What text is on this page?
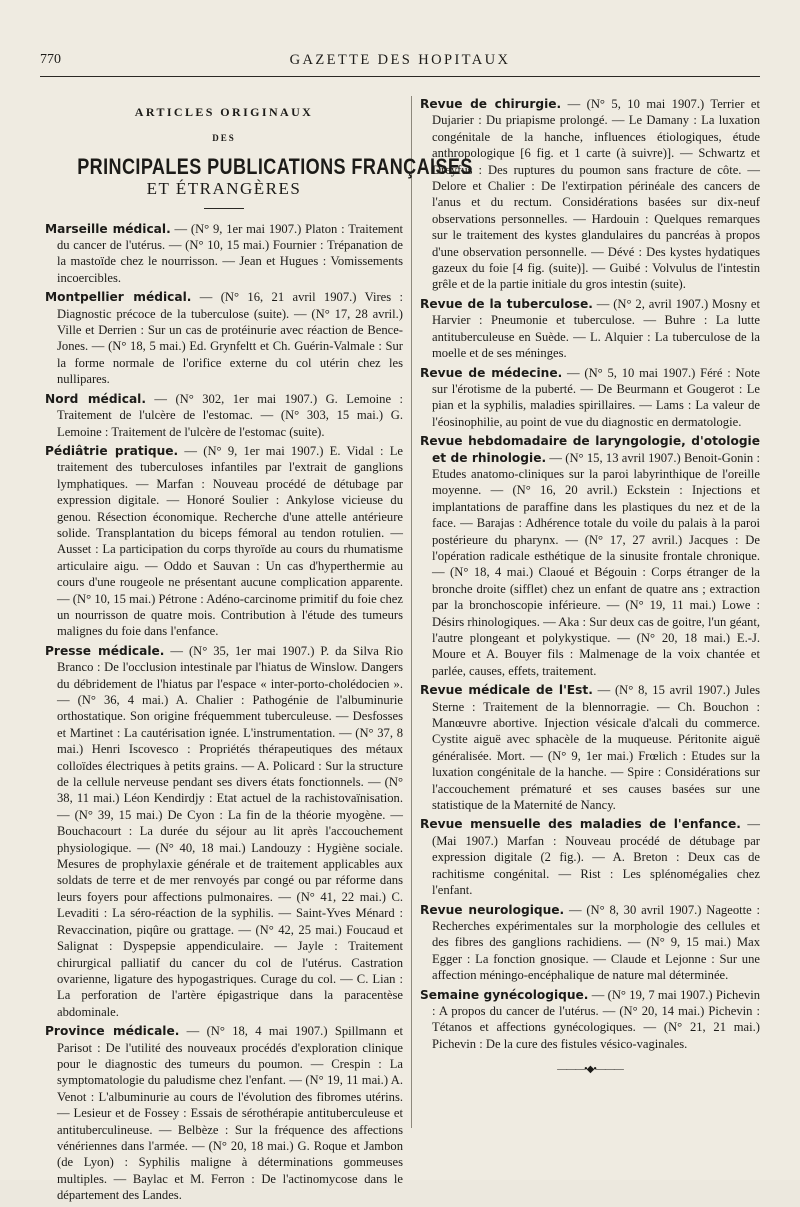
770	GAZETTE DES HOPITAUX
ARTICLES ORIGINAUX
DES
PRINCIPALES PUBLICATIONS FRANÇAISES
ET ÉTRANGÈRES

Marseille médical. — (N° 9, 1er mai 1907.) Platon : Traitement du cancer de l'utérus. — (N° 10, 15 mai.) Fournier : Trépanation de la mastoïde chez le nourrisson. — Jean et Hugues : Vomissements incoercibles.

Montpellier médical. — (N° 16, 21 avril 1907.) Vires : Diagnostic précoce de la tuberculose (suite). — (N° 17, 28 avril.) Ville et Derrien : Sur un cas de protéinurie avec réaction de Bence-Jones. — (N° 18, 5 mai.) Ed. Grynfeltt et Ch. Guérin-Valmale : Sur la forme normale de l'orifice externe du col utérin chez les nullipares.

Nord médical. — (N° 302, 1er mai 1907.) G. Lemoine : Traitement de l'ulcère de l'estomac. — (N° 303, 15 mai.) G. Lemoine : Traitement de l'ulcère de l'estomac (suite).

Pédiâtrie pratique. — (N° 9, 1er mai 1907.) E. Vidal : Le traitement des tuberculoses infantiles par l'extrait de ganglions lymphatiques. — Marfan : Nouveau procédé de détubage par expression digitale. — Honoré Soulier : Ankylose vicieuse du genou. Résection économique. Recherche d'une attelle antérieure solide. Transplantation du biceps fémoral au tendon rotulien. — Ausset : La participation du corps thyroïde au cours du rhumatisme articulaire aigu. — Oddo et Sauvan : Un cas d'hyperthermie au cours d'une rougeole ne présentant aucune complication apparente. — (N° 10, 15 mai.) Pétrone : Adéno-carcinome primitif du foie chez un nourrisson de quatre mois. Contribution à l'étude des tumeurs malignes du foie dans l'enfance.

Presse médicale. — (N° 35, 1er mai 1907.) P. da Silva Rio Branco : De l'occlusion intestinale par l'hiatus de Winslow. Dangers du débridement de l'hiatus par l'espace « inter-porto-cholédocien ». — (N° 36, 4 mai.) A. Chalier : Pathogénie de l'albuminurie orthostatique. Son origine fréquemment tuberculeuse. — Desfosses et Martinet : La cautérisation ignée. L'instrumentation. — (N° 37, 8 mai.) Henri Iscovesco : Propriétés thérapeutiques des métaux colloïdes électriques à petits grains. — A. Policard : Sur la structure de la cellule nerveuse pendant ses divers états fonctionnels. — (N° 38, 11 mai.) Léon Kendirdjy : Etat actuel de la rachistovaïnisation. — (N° 39, 15 mai.) De Cyon : La fin de la théorie myogène. — Bouchacourt : La durée du séjour au lit après l'accouchement physiologique. — (N° 40, 18 mai.) Landouzy : Hygiène sociale. Mesures de prophylaxie générale et de traitement applicables aux soldats de terre et de mer renvoyés par congé ou par réforme dans leurs foyers pour affections pulmonaires. — (N° 41, 22 mai.) C. Levaditi : La séro-réaction de la syphilis. — Saint-Yves Ménard : Revaccination, piqûre ou grattage. — (N° 42, 25 mai.) Foucaud et Salignat : Dyspepsie appendiculaire. — Jayle : Traitement chirurgical palliatif du cancer du col de l'utérus. Castration ovarienne, ligature des hypogastriques. Curage du col. — C. Lian : La perforation de l'artère épigastrique dans la paracentèse abdominale.

Province médicale. — (N° 18, 4 mai 1907.) Spillmann et Parisot : De l'utilité des nouveaux procédés d'exploration clinique pour le diagnostic des tumeurs du poumon. — Crespin : La symptomatologie du paludisme chez l'enfant. — (N° 19, 11 mai.) A. Venot : L'albuminurie au cours de l'évolution des fibromes utérins. — Lesieur et de Fossey : Essais de sérothérapie antituberculeuse et antituberculineuse. — Belbèze : Sur la fréquence des affections vénériennes dans l'armée. — (N° 20, 18 mai.) G. Roque et Jambon (de Lyon) : Syphilis maligne à déterminations gommeuses multiples. — Baylac et M. Ferron : De l'actinomycose dans le département des Landes.

Revue de chirurgie. — (N° 5, 10 mai 1907.) Terrier et Dujarier : Du priapisme prolongé. — Le Damany : La luxation congénitale de la hanche, influences étiologiques, étude anthropologique [6 fig. et 1 carte (à suivre)]. — Schwartz et Dreyfus : Des ruptures du poumon sans fracture de côte. — Delore et Chalier : De l'extirpation périnéale des cancers de l'anus et du rectum. Considérations basées sur dix-neuf observations personnelles. — Hardouin : Quelques remarques sur le traitement des kystes glandulaires du pancréas à propos d'une observation personnelle. — Dévé : Des kystes hydatiques gazeux du foie [4 fig. (suite)]. — Guibé : Volvulus de l'intestin grêle et de la partie initiale du gros intestin (suite).

Revue de la tuberculose. — (N° 2, avril 1907.) Mosny et Harvier : Pneumonie et tuberculose. — Buhre : La lutte antituberculeuse en Suède. — L. Alquier : La tuberculose de la moelle et de ses méninges.

Revue de médecine. — (N° 5, 10 mai 1907.) Féré : Note sur l'érotisme de la puberté. — De Beurmann et Gougerot : Le pian et la syphilis, maladies spirillaires. — Lams : La valeur de l'éosinophilie, au point de vue du diagnostic en dermatologie.

Revue hebdomadaire de laryngologie, d'otologie et de rhinologie. — (N° 15, 13 avril 1907.) Benoit-Gonin : Etudes anatomo-cliniques sur la paroi labyrinthique de l'oreille moyenne. — (N° 16, 20 avril.) Eckstein : Injections et implantations de paraffine dans les plastiques du nez et de la face. — Barajas : Adhérence totale du voile du palais à la paroi postérieure du pharynx. — (N° 17, 27 avril.) Jacques : De l'opération radicale esthétique de la sinusite frontale chronique. — (N° 18, 4 mai.) Claoué et Bégouin : Corps étranger de la bronche droite (sifflet) chez un enfant de quatre ans ; extraction par la bronchoscopie inférieure. — (N° 19, 11 mai.) Lowe : Désirs rhinologiques. — Aka : Sur deux cas de goitre, l'un géant, l'autre plongeant et polykystique. — (N° 20, 18 mai.) E.-J. Moure et A. Bouyer fils : Malmenage de la voix chantée et parlée, causes, effets, traitement.

Revue médicale de l'Est. — (N° 8, 15 avril 1907.) Jules Sterne : Traitement de la blennorragie. — Ch. Bouchon : Manœuvre abortive. Injection vésicale d'alcali du commerce. Cystite aiguë avec sphacèle de la muqueuse. Péritonite aiguë généralisée. Mort. — (N° 9, 1er mai.) Frœlich : Etudes sur la luxation congénitale de la hanche. — Spire : Considérations sur l'accouchement prématuré et ses causes basées sur une statistique de la Maternité de Nancy.

Revue mensuelle des maladies de l'enfance. — (Mai 1907.) Marfan : Nouveau procédé de détubage par expression digitale (2 fig.). — A. Breton : Deux cas de rachitisme congénital. — Rist : Les splénomégalies chez l'enfant.

Revue neurologique. — (N° 8, 30 avril 1907.) Nageotte : Recherches expérimentales sur la morphologie des cellules et des fibres des ganglions rachidiens. — (N° 9, 15 mai.) Max Egger : La fonction gnosique. — Claude et Lejonne : Sur une affection méningo-encéphalique de nature mal déterminée.

Semaine gynécologique. — (N° 19, 7 mai 1907.) Pichevin : A propos du cancer de l'utérus. — (N° 20, 14 mai.) Pichevin : Tétanos et affections gynécologiques. — (N° 21, 21 mai.) Pichevin : De la cure des fistules vésico-vaginales.

———•◆•———
